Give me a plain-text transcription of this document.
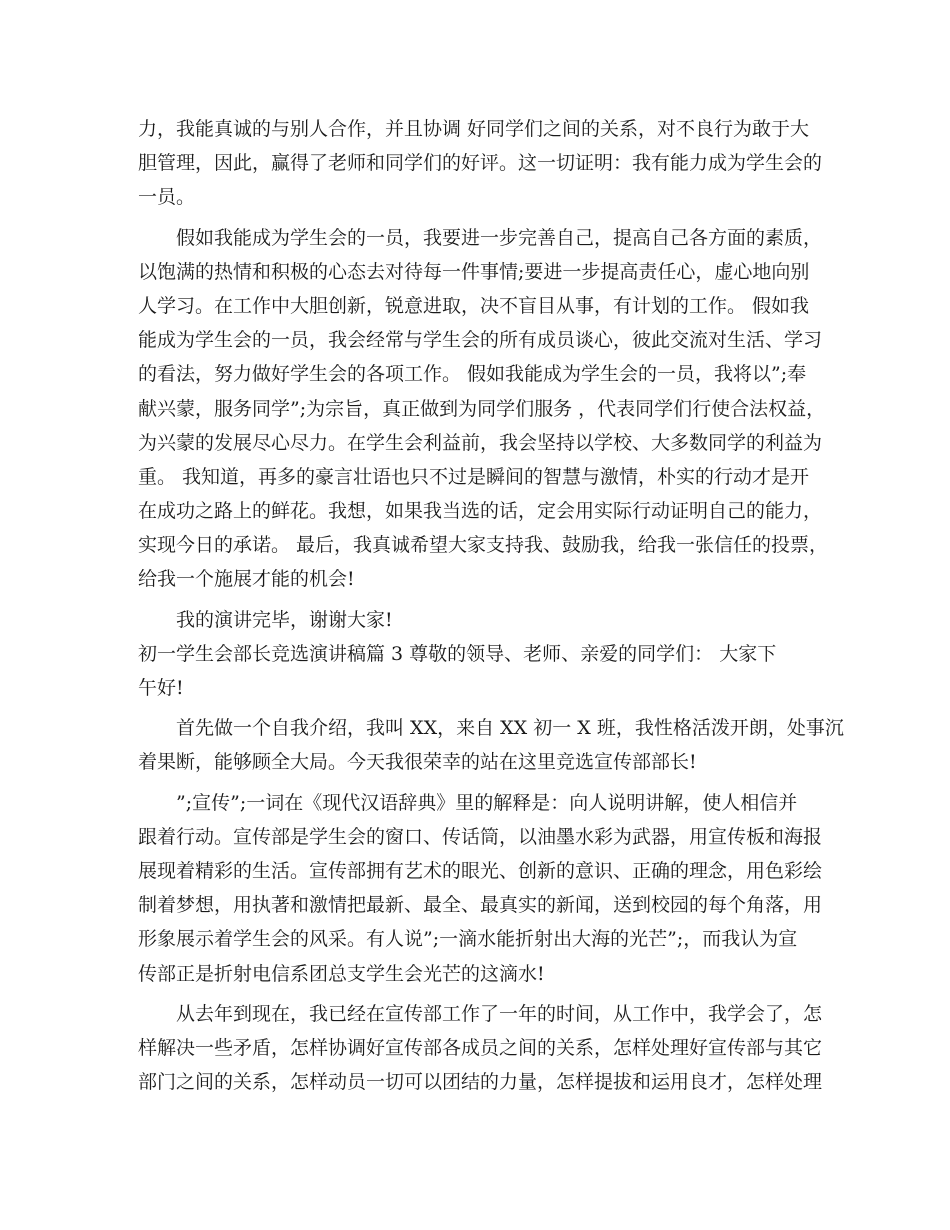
力，我能真诚的与别人合作，并且协调 好同学们之间的关系，对不良行为敢于大
胆管理，因此，赢得了老师和同学们的好评。这一切证明：我有能力成为学生会的
一员。
假如我能成为学生会的一员，我要进一步完善自己，提高自己各方面的素质，
以饱满的热情和积极的心态去对待每一件事情;要进一步提高责任心，虚心地向别
人学习。在工作中大胆创新，锐意进取，决不盲目从事，有计划的工作。 假如我
能成为学生会的一员，我会经常与学生会的所有成员谈心，彼此交流对生活、学习
的看法，努力做好学生会的各项工作。 假如我能成为学生会的一员，我将以”;奉
献兴蒙，服务同学”;为宗旨，真正做到为同学们服务 ，代表同学们行使合法权益，
为兴蒙的发展尽心尽力。在学生会利益前，我会坚持以学校、大多数同学的利益为
重。 我知道，再多的豪言壮语也只不过是瞬间的智慧与激情，朴实的行动才是开
在成功之路上的鲜花。我想，如果我当选的话，定会用实际行动证明自己的能力，
实现今日的承诺。 最后，我真诚希望大家支持我、鼓励我，给我一张信任的投票，
给我一个施展才能的机会!
我的演讲完毕，谢谢大家!
初一学生会部长竞选演讲稿篇 3 尊敬的领导、老师、亲爱的同学们： 大家下
午好!
首先做一个自我介绍，我叫 XX，来自 XX 初一 X 班，我性格活泼开朗，处事沉
着果断，能够顾全大局。今天我很荣幸的站在这里竞选宣传部部长!
”;宣传”;一词在《现代汉语辞典》里的解释是：向人说明讲解，使人相信并
跟着行动。宣传部是学生会的窗口、传话筒，以油墨水彩为武器，用宣传板和海报
展现着精彩的生活。宣传部拥有艺术的眼光、创新的意识、正确的理念，用色彩绘
制着梦想，用执著和激情把最新、最全、最真实的新闻，送到校园的每个角落，用
形象展示着学生会的风采。有人说”;一滴水能折射出大海的光芒”;，而我认为宣
传部正是折射电信系团总支学生会光芒的这滴水!
从去年到现在，我已经在宣传部工作了一年的时间，从工作中，我学会了，怎
样解决一些矛盾，怎样协调好宣传部各成员之间的关系，怎样处理好宣传部与其它
部门之间的关系，怎样动员一切可以团结的力量，怎样提拔和运用良才，怎样处理
